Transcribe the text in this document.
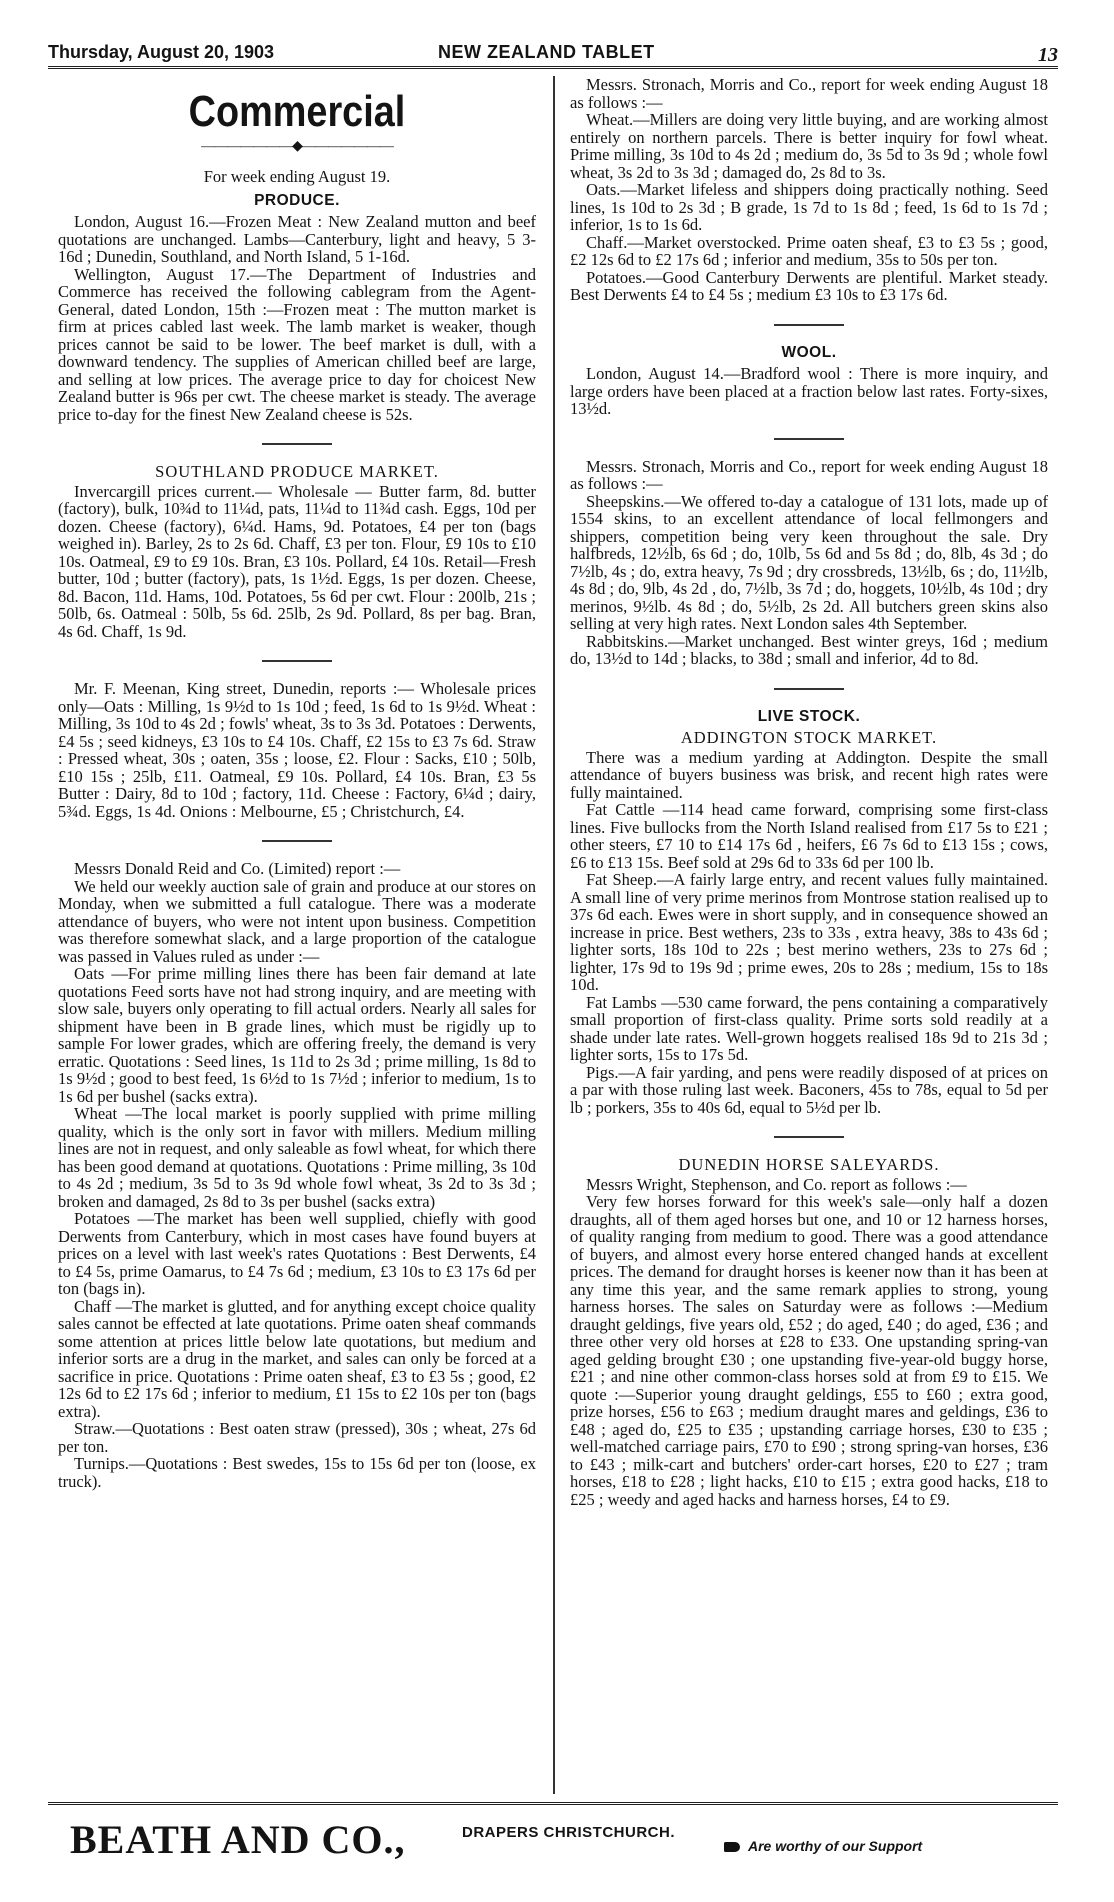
Thursday, August 20, 1903	NEW ZEALAND TABLET	13
Commercial
———————◆———————

For week ending August 19.

PRODUCE.

London, August 16.—Frozen Meat : New Zealand mutton and beef quotations are unchanged. Lambs—Canterbury, light and heavy, 5 3-16d ; Dunedin, Southland, and North Island, 5 1-16d.

Wellington, August 17.—The Department of Industries and Commerce has received the following cablegram from the Agent-General, dated London, 15th :—Frozen meat : The mutton market is firm at prices cabled last week. The lamb market is weaker, though prices cannot be said to be lower. The beef market is dull, with a downward tendency. The supplies of American chilled beef are large, and selling at low prices. The average price to day for choicest New Zealand butter is 96s per cwt. The cheese market is steady. The average price to-day for the finest New Zealand cheese is 52s.

SOUTHLAND PRODUCE MARKET.

Invercargill prices current.— Wholesale — Butter farm, 8d. butter (factory), bulk, 10¾d to 11¼d, pats, 11¼d to 11¾d cash. Eggs, 10d per dozen. Cheese (factory), 6¼d. Hams, 9d. Potatoes, £4 per ton (bags weighed in). Barley, 2s to 2s 6d. Chaff, £3 per ton. Flour, £9 10s to £10 10s. Oatmeal, £9 to £9 10s. Bran, £3 10s. Pollard, £4 10s. Retail—Fresh butter, 10d ; butter (factory), pats, 1s 1½d. Eggs, 1s per dozen. Cheese, 8d. Bacon, 11d. Hams, 10d. Potatoes, 5s 6d per cwt. Flour : 200lb, 21s ; 50lb, 6s. Oatmeal : 50lb, 5s 6d. 25lb, 2s 9d. Pollard, 8s per bag. Bran, 4s 6d. Chaff, 1s 9d.

Mr. F. Meenan, King street, Dunedin, reports :— Wholesale prices only—Oats : Milling, 1s 9½d to 1s 10d ; feed, 1s 6d to 1s 9½d. Wheat : Milling, 3s 10d to 4s 2d ; fowls' wheat, 3s to 3s 3d. Potatoes : Derwents, £4 5s ; seed kidneys, £3 10s to £4 10s. Chaff, £2 15s to £3 7s 6d. Straw : Pressed wheat, 30s ; oaten, 35s ; loose, £2. Flour : Sacks, £10 ; 50lb, £10 15s ; 25lb, £11. Oatmeal, £9 10s. Pollard, £4 10s. Bran, £3 5s Butter : Dairy, 8d to 10d ; factory, 11d. Cheese : Factory, 6¼d ; dairy, 5¾d. Eggs, 1s 4d. Onions : Melbourne, £5 ; Christchurch, £4.

Messrs Donald Reid and Co. (Limited) report :—

We held our weekly auction sale of grain and produce at our stores on Monday, when we submitted a full catalogue. There was a moderate attendance of buyers, who were not intent upon business. Competition was therefore somewhat slack, and a large proportion of the catalogue was passed in Values ruled as under :—

Oats —For prime milling lines there has been fair demand at late quotations Feed sorts have not had strong inquiry, and are meeting with slow sale, buyers only operating to fill actual orders. Nearly all sales for shipment have been in B grade lines, which must be rigidly up to sample For lower grades, which are offering freely, the demand is very erratic. Quotations : Seed lines, 1s 11d to 2s 3d ; prime milling, 1s 8d to 1s 9½d ; good to best feed, 1s 6½d to 1s 7½d ; inferior to medium, 1s to 1s 6d per bushel (sacks extra).

Wheat —The local market is poorly supplied with prime milling quality, which is the only sort in favor with millers. Medium milling lines are not in request, and only saleable as fowl wheat, for which there has been good demand at quotations. Quotations : Prime milling, 3s 10d to 4s 2d ; medium, 3s 5d to 3s 9d whole fowl wheat, 3s 2d to 3s 3d ; broken and damaged, 2s 8d to 3s per bushel (sacks extra)

Potatoes —The market has been well supplied, chiefly with good Derwents from Canterbury, which in most cases have found buyers at prices on a level with last week's rates Quotations : Best Derwents, £4 to £4 5s, prime Oamarus, to £4 7s 6d ; medium, £3 10s to £3 17s 6d per ton (bags in).

Chaff —The market is glutted, and for anything except choice quality sales cannot be effected at late quotations. Prime oaten sheaf commands some attention at prices little below late quotations, but medium and inferior sorts are a drug in the market, and sales can only be forced at a sacrifice in price. Quotations : Prime oaten sheaf, £3 to £3 5s ; good, £2 12s 6d to £2 17s 6d ; inferior to medium, £1 15s to £2 10s per ton (bags extra).

Straw.—Quotations : Best oaten straw (pressed), 30s ; wheat, 27s 6d per ton.

Turnips.—Quotations : Best swedes, 15s to 15s 6d per ton (loose, ex truck).

Messrs. Stronach, Morris and Co., report for week ending August 18 as follows :—

Wheat.—Millers are doing very little buying, and are working almost entirely on northern parcels. There is better inquiry for fowl wheat. Prime milling, 3s 10d to 4s 2d ; medium do, 3s 5d to 3s 9d ; whole fowl wheat, 3s 2d to 3s 3d ; damaged do, 2s 8d to 3s.

Oats.—Market lifeless and shippers doing practically nothing. Seed lines, 1s 10d to 2s 3d ; B grade, 1s 7d to 1s 8d ; feed, 1s 6d to 1s 7d ; inferior, 1s to 1s 6d.

Chaff.—Market overstocked. Prime oaten sheaf, £3 to £3 5s ; good, £2 12s 6d to £2 17s 6d ; inferior and medium, 35s to 50s per ton.

Potatoes.—Good Canterbury Derwents are plentiful. Market steady. Best Derwents £4 to £4 5s ; medium £3 10s to £3 17s 6d.

WOOL.

London, August 14.—Bradford wool : There is more inquiry, and large orders have been placed at a fraction below last rates. Forty-sixes, 13½d.

Messrs. Stronach, Morris and Co., report for week ending August 18 as follows :—

Sheepskins.—We offered to-day a catalogue of 131 lots, made up of 1554 skins, to an excellent attendance of local fellmongers and shippers, competition being very keen throughout the sale. Dry halfbreds, 12½lb, 6s 6d ; do, 10lb, 5s 6d and 5s 8d ; do, 8lb, 4s 3d ; do 7½lb, 4s ; do, extra heavy, 7s 9d ; dry crossbreds, 13½lb, 6s ; do, 11½lb, 4s 8d ; do, 9lb, 4s 2d , do, 7½lb, 3s 7d ; do, hoggets, 10½lb, 4s 10d ; dry merinos, 9½lb. 4s 8d ; do, 5½lb, 2s 2d. All butchers green skins also selling at very high rates. Next London sales 4th September.

Rabbitskins.—Market unchanged. Best winter greys, 16d ; medium do, 13½d to 14d ; blacks, to 38d ; small and inferior, 4d to 8d.

LIVE STOCK.
ADDINGTON STOCK MARKET.

There was a medium yarding at Addington. Despite the small attendance of buyers business was brisk, and recent high rates were fully maintained.

Fat Cattle —114 head came forward, comprising some first-class lines. Five bullocks from the North Island realised from £17 5s to £21 ; other steers, £7 10 to £14 17s 6d , heifers, £6 7s 6d to £13 15s ; cows, £6 to £13 15s. Beef sold at 29s 6d to 33s 6d per 100 lb.

Fat Sheep.—A fairly large entry, and recent values fully maintained. A small line of very prime merinos from Montrose station realised up to 37s 6d each. Ewes were in short supply, and in consequence showed an increase in price. Best wethers, 23s to 33s , extra heavy, 38s to 43s 6d ; lighter sorts, 18s 10d to 22s ; best merino wethers, 23s to 27s 6d ; lighter, 17s 9d to 19s 9d ; prime ewes, 20s to 28s ; medium, 15s to 18s 10d.

Fat Lambs —530 came forward, the pens containing a comparatively small proportion of first-class quality. Prime sorts sold readily at a shade under late rates. Well-grown hoggets realised 18s 9d to 21s 3d ; lighter sorts, 15s to 17s 5d.

Pigs.—A fair yarding, and pens were readily disposed of at prices on a par with those ruling last week. Baconers, 45s to 78s, equal to 5d per lb ; porkers, 35s to 40s 6d, equal to 5½d per lb.

DUNEDIN HORSE SALEYARDS.

Messrs Wright, Stephenson, and Co. report as follows :—

Very few horses forward for this week's sale—only half a dozen draughts, all of them aged horses but one, and 10 or 12 harness horses, of quality ranging from medium to good. There was a good attendance of buyers, and almost every horse entered changed hands at excellent prices. The demand for draught horses is keener now than it has been at any time this year, and the same remark applies to strong, young harness horses. The sales on Saturday were as follows :—Medium draught geldings, five years old, £52 ; do aged, £40 ; do aged, £36 ; and three other very old horses at £28 to £33. One upstanding spring-van aged gelding brought £30 ; one upstanding five-year-old buggy horse, £21 ; and nine other common-class horses sold at from £9 to £15. We quote :—Superior young draught geldings, £55 to £60 ; extra good, prize horses, £56 to £63 ; medium draught mares and geldings, £36 to £48 ; aged do, £25 to £35 ; upstanding carriage horses, £30 to £35 ; well-matched carriage pairs, £70 to £90 ; strong spring-van horses, £36 to £43 ; milk-cart and butchers' order-cart horses, £20 to £27 ; tram horses, £18 to £28 ; light hacks, £10 to £15 ; extra good hacks, £18 to £25 ; weedy and aged hacks and harness horses, £4 to £9.

BEATH AND CO.,	DRAPERS CHRISTCHURCH.
Are worthy of our Support
